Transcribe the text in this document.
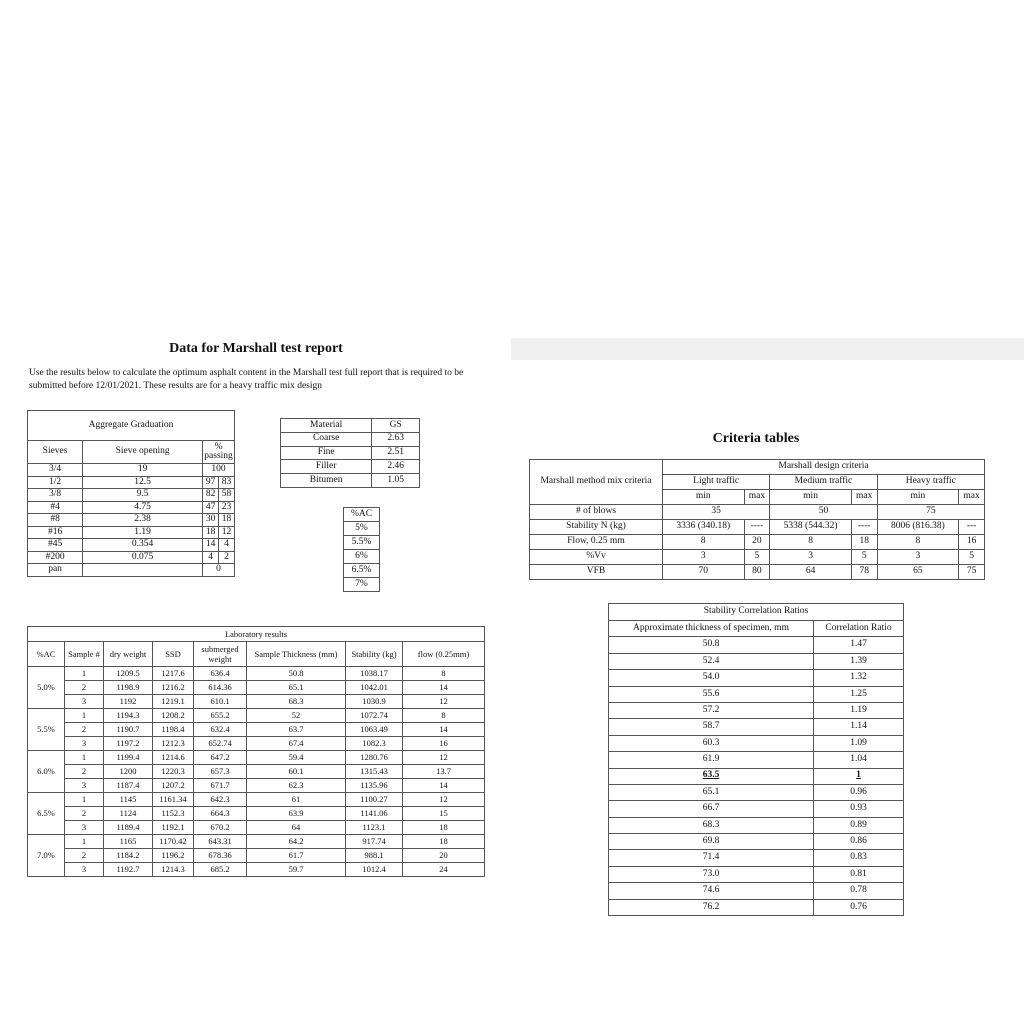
Data for Marshall test report
Use the results below to calculate the optimum asphalt content in the Marshall test full report that is required to be submitted before 12/01/2021. These results are for a heavy traffic mix design
Aggregate Graduation			
Sieves	Sieve opening	% passing	
3/4	19	100	
1/2	12.5	97	83
3/8	9.5	82	58
#4	4.75	47	23
#8	2.38	30	18
#16	1.19	18	12
#45	0.354	14	4
#200	0.075	4	2
pan		0	
Material	GS
Coarse	2.63
Fine	2.51
Filler	2.46
Bitumen	1.05
%AC
5%
5.5%
6%
6.5%
7%
Laboratory results							
%AC	Sample #	dry weight	SSD	submerged weight	Sample Thickness (mm)	Stability (kg)	flow (0.25mm)
5.0%	1	1209.5	1217.6	636.4	50.8	1038.17	8
	2	1198.9	1216.2	614.36	65.1	1042.01	14
	3	1192	1219.1	610.1	68.3	1030.9	12
5.5%	1	1194.3	1208.2	655.2	52	1072.74	8
	2	1190.7	1198.4	632.4	63.7	1063.49	14
	3	1197.2	1212.3	652.74	67.4	1082.3	16
6.0%	1	1199.4	1214.6	647.2	59.4	1280.76	12
	2	1200	1220.3	657.3	60.1	1315.43	13.7
	3	1187.4	1207.2	671.7	62.3	1135.96	14
6.5%	1	1145	1161.34	642.3	61	1100.27	12
	2	1124	1152.3	664.3	63.9	1141.06	15
	3	1189.4	1192.1	670.2	64	1123.1	18
7.0%	1	1165	1170.42	643.31	64.2	917.74	18
	2	1184.2	1196.2	678.36	61.7	988.1	20
	3	1192.7	1214.3	685.2	59.7	1012.4	24
Criteria tables
Marshall method mix criteria	Marshall design criteria					
	Light traffic		Medium traffic		Heavy traffic	
	min	max	min	max	min	max
# of blows	35		50		75	
Stability N (kg)	3336 (340.18)	----	5338 (544.32)	----	8006 (816.38)	---
Flow, 0.25 mm	8	20	8	18	8	16
%Vv	3	5	3	5	3	5
VFB	70	80	64	78	65	75
Stability Correlation Ratios	
Approximate thickness of specimen, mm	Correlation Ratio
50.8	1.47
52.4	1.39
54.0	1.32
55.6	1.25
57.2	1.19
58.7	1.14
60.3	1.09
61.9	1.04
63.5	1
65.1	0.96
66.7	0.93
68.3	0.89
69.8	0.86
71.4	0.83
73.0	0.81
74.6	0.78
76.2	0.76
